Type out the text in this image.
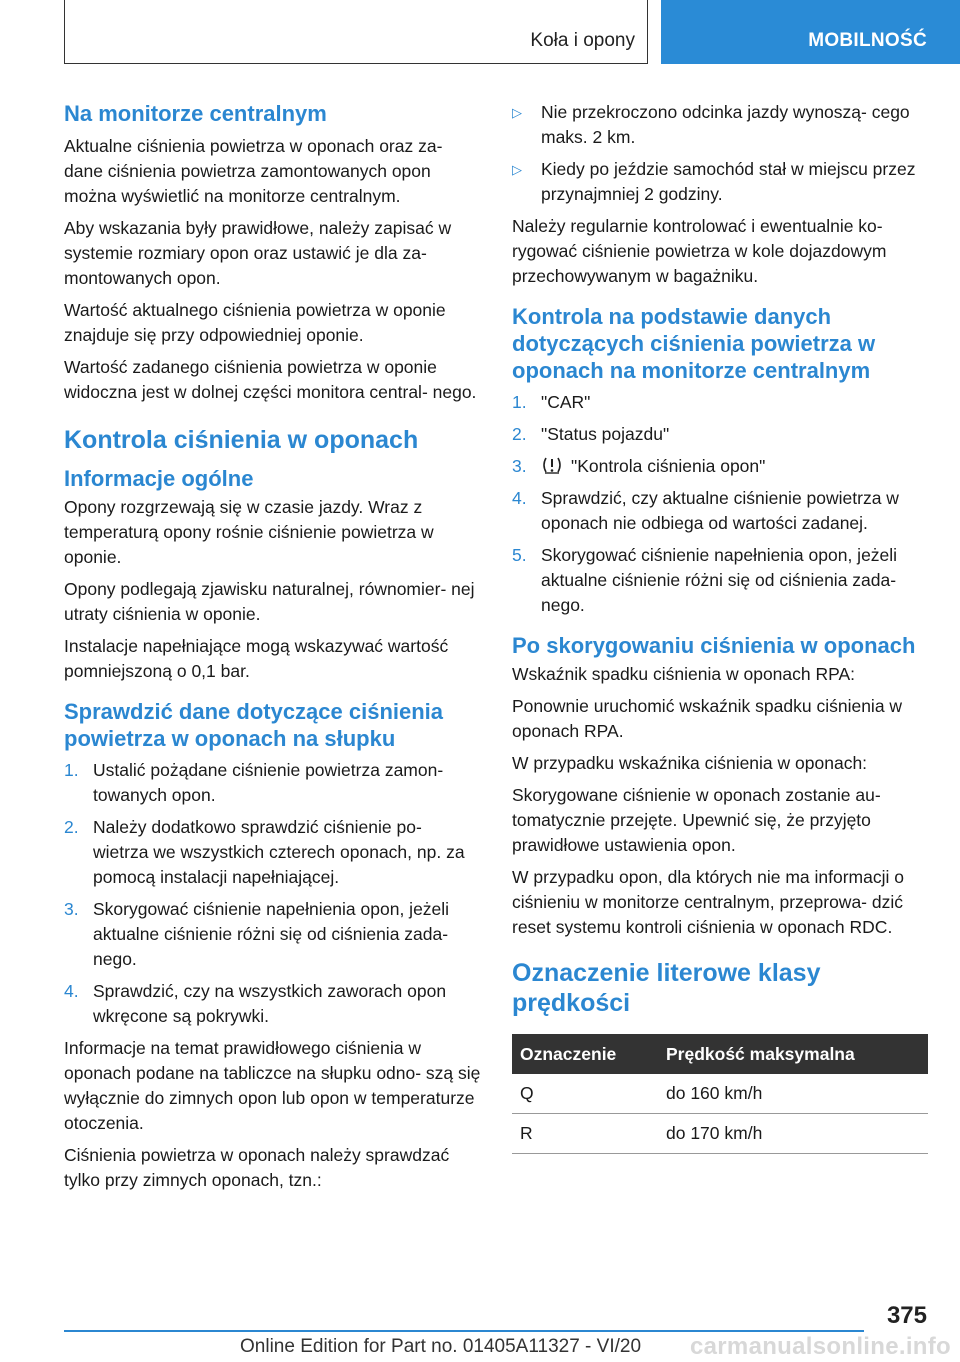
Koła i opony	MOBILNOŚĆ
Na monitorze centralnym

Aktualne ciśnienia powietrza w oponach oraz za‐ dane ciśnienia powietrza zamontowanych opon można wyświetlić na monitorze centralnym.

Aby wskazania były prawidłowe, należy zapisać w systemie rozmiary opon oraz ustawić je dla za‐ montowanych opon.

Wartość aktualnego ciśnienia powietrza w oponie znajduje się przy odpowiedniej oponie.

Wartość zadanego ciśnienia powietrza w oponie widoczna jest w dolnej części monitora central‐ nego.

Kontrola ciśnienia w oponach
Informacje ogólne

Opony rozgrzewają się w czasie jazdy. Wraz z temperaturą opony rośnie ciśnienie powietrza w oponie.

Opony podlegają zjawisku naturalnej, równomier‐ nej utraty ciśnienia w oponie.

Instalacje napełniające mogą wskazywać wartość pomniejszoną o 0,1 bar.

Sprawdzić dane dotyczące ciśnienia powietrza w oponach na słupku
1. Ustalić pożądane ciśnienie powietrza zamon‐ towanych opon.
2. Należy dodatkowo sprawdzić ciśnienie po‐ wietrza we wszystkich czterech oponach, np. za pomocą instalacji napełniającej.
3. Skorygować ciśnienie napełnienia opon, jeżeli aktualne ciśnienie różni się od ciśnienia zada‐ nego.
4. Sprawdzić, czy na wszystkich zaworach opon wkręcone są pokrywki.

Informacje na temat prawidłowego ciśnienia w oponach podane na tabliczce na słupku odno‐ szą się wyłącznie do zimnych opon lub opon w temperaturze otoczenia.

Ciśnienia powietrza w oponach należy sprawdzać tylko przy zimnych oponach, tzn.:

▷	Nie przekroczono odcinka jazdy wynoszą‐ cego maks. 2 km.
▷	Kiedy po jeździe samochód stał w miejscu przez przynajmniej 2 godziny.

Należy regularnie kontrolować i ewentualnie ko‐ rygować ciśnienie powietrza w kole dojazdowym przechowywanym w bagażniku.

Kontrola na podstawie danych dotyczących ciśnienia powietrza w oponach na monitorze centralnym
1. "CAR"
2. "Status pojazdu"
3.	"Kontrola ciśnienia opon"
4. Sprawdzić, czy aktualne ciśnienie powietrza w oponach nie odbiega od wartości zadanej.
5. Skorygować ciśnienie napełnienia opon, jeżeli aktualne ciśnienie różni się od ciśnienia zada‐ nego.
Po skorygowaniu ciśnienia w oponach

Wskaźnik spadku ciśnienia w oponach RPA:

Ponownie uruchomić wskaźnik spadku ciśnienia w oponach RPA.

W przypadku wskaźnika ciśnienia w oponach:

Skorygowane ciśnienie w oponach zostanie au‐ tomatycznie przejęte. Upewnić się, że przyjęto prawidłowe ustawienia opon.

W przypadku opon, dla których nie ma informacji o ciśnieniu w monitorze centralnym, przeprowa‐ dzić reset systemu kontroli ciśnienia w oponach RDC.

Oznaczenie literowe klasy prędkości
Oznaczenie	Prędkość maksymalna
Q	do 160 km/h
R	do 170 km/h
375
Online Edition for Part no. 01405A11327 - VI/20 carmanualsonline.info
